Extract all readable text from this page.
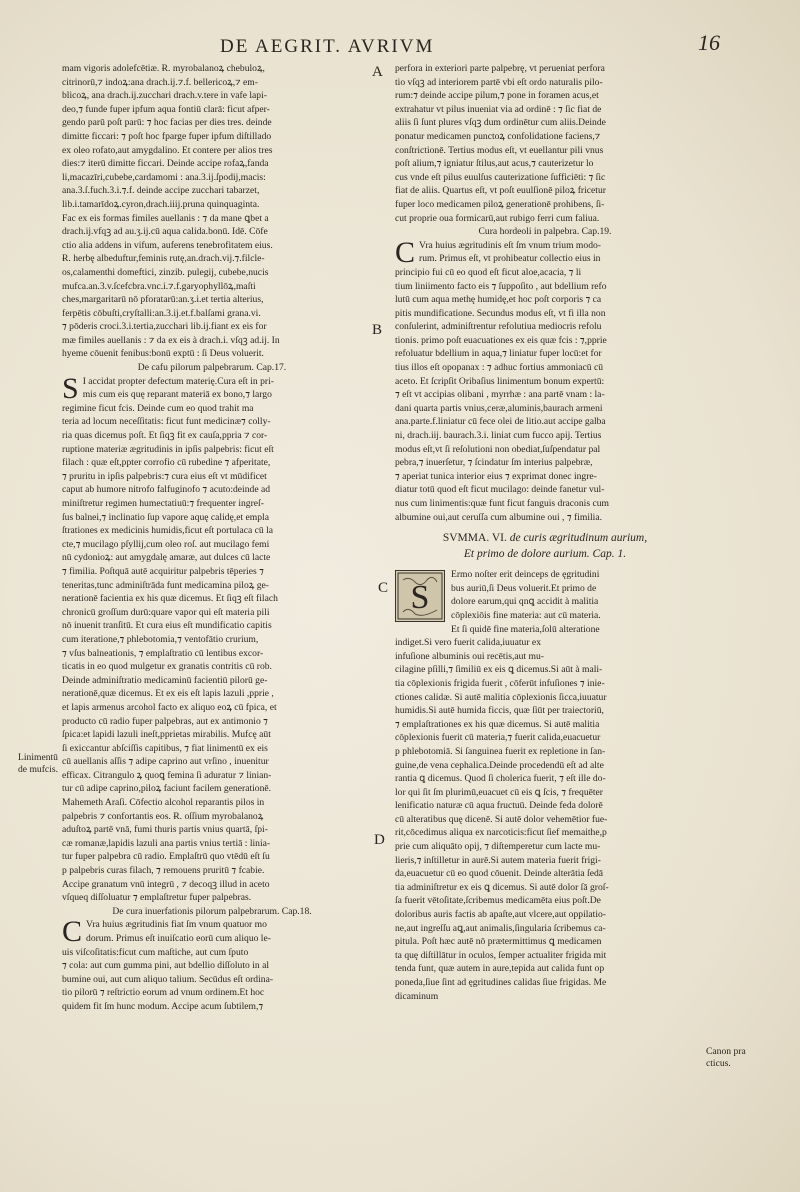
DE AEGRIT. AVRIVM	16
mam vigoris adolefcētiæ. Ɍ. myrobalanoꝝ chebuloꝝ,
citrinorū,⁊ indoꝝ:ana drach.ij.⁊.f. bellericoꝝ,⁊ em-
blicoꝝ, ana drach.ij.zucchari drach.v.tere in vafe lapi-
deo,⁊ funde fuper ipfum aqua fontiū clarā: ficut afper-
gendo parū poſt parū: ⁊ hoc facias per dies tres. deinde
dimitte ficcari: ⁊ poſt hoc fparge fuper ipfum diſtillado
ex oleo rofato,aut amygdalino. Et contere per alios tres
dies:⁊ iterū dimitte ficcari. Deinde accipe rofaꝝ,fanda
li,macazīri,cubebe,cardamomi : ana.3.ij.ſpodij,macis:
ana.3.ſ.fuch.3.i.⁊.f. deinde accipe zucchari tabarzet,
lib.i.tamarīdoꝝ.cyron,drach.iiij.pruna quinquaginta.
Fac ex eis formas fimiles auellanis : ⁊ da mane ꝗbet a
drach.ij.vfqꝫ ad au.ʒ.ij.cū aqua calida.bonū. Idē. Cōfe
ctio alia addens in vifum, auferens tenebrofitatem eius.
Ɍ. herbę albeduftur,feminis rutę,an.drach.vij.⁊.filcle-
os,calamenthi domeftici, zinzib. pulegij, cubebe,nucis
mufca.an.3.v.ſcefcbra.vnc.i.⁊.f.garyophyllōꝝ,maſti
ches,margaritarū nō pforatarū:an.ʒ.i.et tertia alterius,
ferpētis cōbuſti,cryſtalli:an.3.ij.et.f.balſami grana.vi.
⁊ pōderis croci.3.i.tertia,zucchari lib.ij.fiant ex eis for
mæ fimiles auellanis : ⁊ da ex eis à drach.i. vſqꝫ ad.ij. In
hyeme cōuenit fenibus:bonū exptū : ſi Deus voluerit.
De cafu pilorum palpebrarum. Cap.17.
S I accidat propter defectum materię.Cura eſt in pri-
mis cum eis quę reparant materiā ex bono,⁊ largo
regimine ficut fcis. Deinde cum eo quod trahit ma
teria ad locum neceſſitatis: ficut funt medicinæ⁊ colly-
ria quas dicemus poſt. Et ſiqꝫ fit ex cauſa,ppria ⁊ cor-
ruptione materiæ ægritudinis in ipſis palpebris: ficut eſt
filach : quæ eſt,ppter corrofio cū rubedine ⁊ afperitate,
⁊ pruritu in ipſis palpebris:⁊ cura eius eſt vt mūdificet
caput ab humore nitrofo falfuginofo ⁊ acuto:deinde ad
miniſtretur regimen humectatiuū:⁊ frequenter ingreſ-
ſus balnei,⁊ inclinatio ſup vapore aquę calidę,et empla
ſtrationes ex medicinis humidis,ficut eſt portulaca cū la
cte,⁊ mucilago pſyllij,cum oleo roſ. aut mucilago femi
nū cydonioꝝ: aut amygdalę amaræ, aut dulces cū lacte
⁊ fimilia. Poſtquā autē acquiritur palpebris tēperies ⁊
teneritas,tunc adminiſtrāda funt medicamina piloꝝ ge-
nerationē facientia ex his quæ dicemus. Et ſiqꝫ eſt filach
chronicū groſſum durū:quare vapor qui eſt materia pili
nō inuenit tranſitū. Et cura eius eſt mundificatio capitis
cum iteratione,⁊ phlebotomia,⁊ ventofātio crurium,
⁊ vſus balneationis, ⁊ emplaſtratio cū lentibus excor-
ticatis in eo quod mulgetur ex granatis contritis cū rob.
Deinde adminiſtratio medicaminū facientiū pilorū ge-
nerationē,quæ dicemus. Et ex eis eſt lapis lazuli ,pprie ,
et lapis armenus arcohol facto ex aliquo eoꝝ cū fpica, et
producto cū radio fuper palpebras, aut ex antimonio ⁊
ſpica:et lapidi lazuli ineſt,pprietas mirabilis. Mufcę aūt
ſi exiccantur abſciſſis capitibus, ⁊ fiat linimentū ex eis
cū auellanis aſſis ⁊ adipe caprino aut vrſino , inuenitur
efficax. Citrangulo ꝝ quoꝗ femina ſi aduratur ⁊ linian-
tur cū adipe caprino,piloꝝ faciunt facilem generationē.
Mahemeth Araſi. Cōfectio alcohol reparantis pilos in
palpebris ⁊ confortantis eos. Ɍ. oſſium myrobalanoꝝ
aduſtoꝝ partē vnā, fumi thuris partis vnius quartā, ſpi-
cæ romanæ,lapidis lazuli ana partis vnius tertiā : linia-
tur fuper palpebra cū radio. Emplaſtrū quo vtēdū eſt ſu
p palpebris curas filach, ⁊ remouens pruritū ⁊ fcabie.
Accipe granatum vnū integrū , ⁊ decoqꝫ illud in aceto
vſqueq diſſoluatur ⁊ emplaſtretur fuper palpebras.
De cura inuerfationis pilorum palpebrarum. Cap.18.
C Vra huius ægritudinis fiat ſm vnum quatuor mo
dorum. Primus eſt inuiſcatio eorū cum aliquo le-
uis viſcoſitatis:ficut cum maſtiche, aut cum ſputo
⁊ cola: aut cum gumma pini, aut bdellio diſſoluto in al
bumine oui, aut cum aliquo talium. Secūdus eſt ordina-
tio pilorū ⁊ reſtrictio eorum ad vnum ordinem.Et hoc
quidem fit ſm hunc modum. Accipe acum ſubtilem,⁊
perfora in exteriori parte palpebrę, vt perueniat perfora
tio vſqꝫ ad interiorem partē vbi eſt ordo naturalis pilo-
rum:⁊ deinde accipe pilum,⁊ pone in foramen acus,et
extrahatur vt pilus inueniat via ad ordinē : ⁊ ſic fiat de
aliis ſi ſunt plures vſqꝫ dum ordinētur cum aliis.Deinde
ponatur medicamen punctoꝝ confolidatione faciens,⁊
conſtrictionē. Tertius modus eſt, vt euellantur pili vnus
poſt alium,⁊ igniatur ſtilus,aut acus,⁊ cauterizetur lo
cus vnde eſt pilus euulſus cauterizatione ſufficiēti: ⁊ ſic
fiat de aliis. Quartus eſt, vt poſt euulſionē piloꝝ fricetur
fuper loco medicamen piloꝝ generationē prohibens, ſi-
cut proprie oua formicarū,aut rubigo ferri cum faliua.
Cura hordeoli in palpebra. Cap.19.
C Vra huius ægritudinis eſt ſm vnum trium modo-
rum. Primus eſt, vt prohibeatur collectio eius in
principio fui cū eo quod eſt ficut aloe,acacia, ⁊ li
tium liniimento facto eis ⁊ ſuppoſito , aut bdellium refo
lutū cum aqua methę humidę,et hoc poſt corporis ⁊ ca
pitis mundificatione. Secundus modus eſt, vt fi illa non
conſulerint, adminiſtrentur refolutiua mediocris refolu
tionis. primo poſt euacuationes ex eis quæ fcis : ⁊,pprie
refoluatur bdellium in aqua,⁊ liniatur fuper locū:et for
tius illos eſt opopanax : ⁊ adhuc fortius ammoniacū cū
aceto. Et ſcripſit Oribaſius linimentum bonum expertū:
⁊ eſt vt accipias olibani , myrrhæ : ana partē vnam : la-
dani quarta partis vnius,ceræ,aluminis,baurach armeni
ana.parte.f.liniatur cū fece olei de litio.aut accipe galba
ni, drach.iij. baurach.3.i. liniat cum fucco apij. Tertius
modus eſt,vt ſi reſolutioni non obediat,ſuſpendatur pal
pebra,⁊ inuerſetur, ⁊ ſcindatur ſm interius palpebræ,
⁊ aperiat tunica interior eius ⁊ exprimat donec ingre-
diatur totū quod eſt ficut mucilago: deinde fanetur vul-
nus cum linimentis:quæ funt ficut fanguis draconis cum
albumine oui,aut ceruſſa cum albumine oui , ⁊ fimilia.
SVMMA. VI. de curis ægritudinum aurium,
Et primo de dolore aurium. Cap. 1.
S
Ermo noſter erit deinceps de ęgritudini
bus auriū,ſi Deus voluerit.Et primo de
dolore earum,qui qnꝗ accidit à malitia
cōplexiōis fine materia: aut cū materia.
Et ſi quidē fine materia,ſolū alteratione
indiget.Si vero fuerit calida,iuuatur ex
infuſione albuminis oui recētis,aut mu-
cilagine pſilli,⁊ ſimiliū ex eis ꝗ dicemus.Si aūt à mali-
tia cōplexionis frigida fuerit , cōferūt infuſiones ⁊ inie-
ctiones calidæ. Si autē malitia cōplexionis ſicca,iuuatur
humidis.Si autē humida ficcis, quæ ſiūt per traiectoriū,
⁊ emplaſtrationes ex his quæ dicemus. Si autē malitia
cōplexionis fuerit cū materia,⁊ fuerit calida,euacuetur
p phlebotomiā. Si ſanguinea fuerit ex repletione in ſan-
guine,de vena cephalica.Deinde procedendū eſt ad alte
rantia ꝗ dicemus. Quod ſi cholerica fuerit, ⁊ eſt ille do-
lor qui ſit ſm plurimū,euacuet cū eis ꝗ ſcis, ⁊ frequēter
lenificatio naturæ cū aqua fructuū. Deinde feda dolorē
cū alteratibus quę dicenē. Si autē dolor vehemētior fue-
rit,cōcedimus aliqua ex narcoticis:ficut ſief memaithe,p
prie cum aliquāto opij, ⁊ diſtemperetur cum lacte mu-
lieris,⁊ inſtilletur in aurē.Si autem materia fuerit frigi-
da,euacuetur cū eo quod cōuenit. Deinde alterātia ſedā
tia adminiſtretur ex eis ꝗ dicemus. Si autē dolor ſā groſ-
ſa fuerit vētoſitate,ſcribemus medicamēta eius poſt.De
doloribus auris factis ab apaſte,aut vlcere,aut oppilatio-
ne,aut ingreſſu aꝗ,aut animalis,ſingularia ſcribemus ca-
pitula. Poſt hæc autē nō prætermittimus ꝗ medicamen
ta quę diſtillātur in oculos, ſemper actualiter frigida mit
tenda funt, quæ autem in aure,tepida aut calida funt op
poneda,ſiue ſint ad ęgritudines calidas ſiue frigidas. Me
dicaminum
A
B
C
D
Linimentū
de mufcis.
Canon pra
cticus.
